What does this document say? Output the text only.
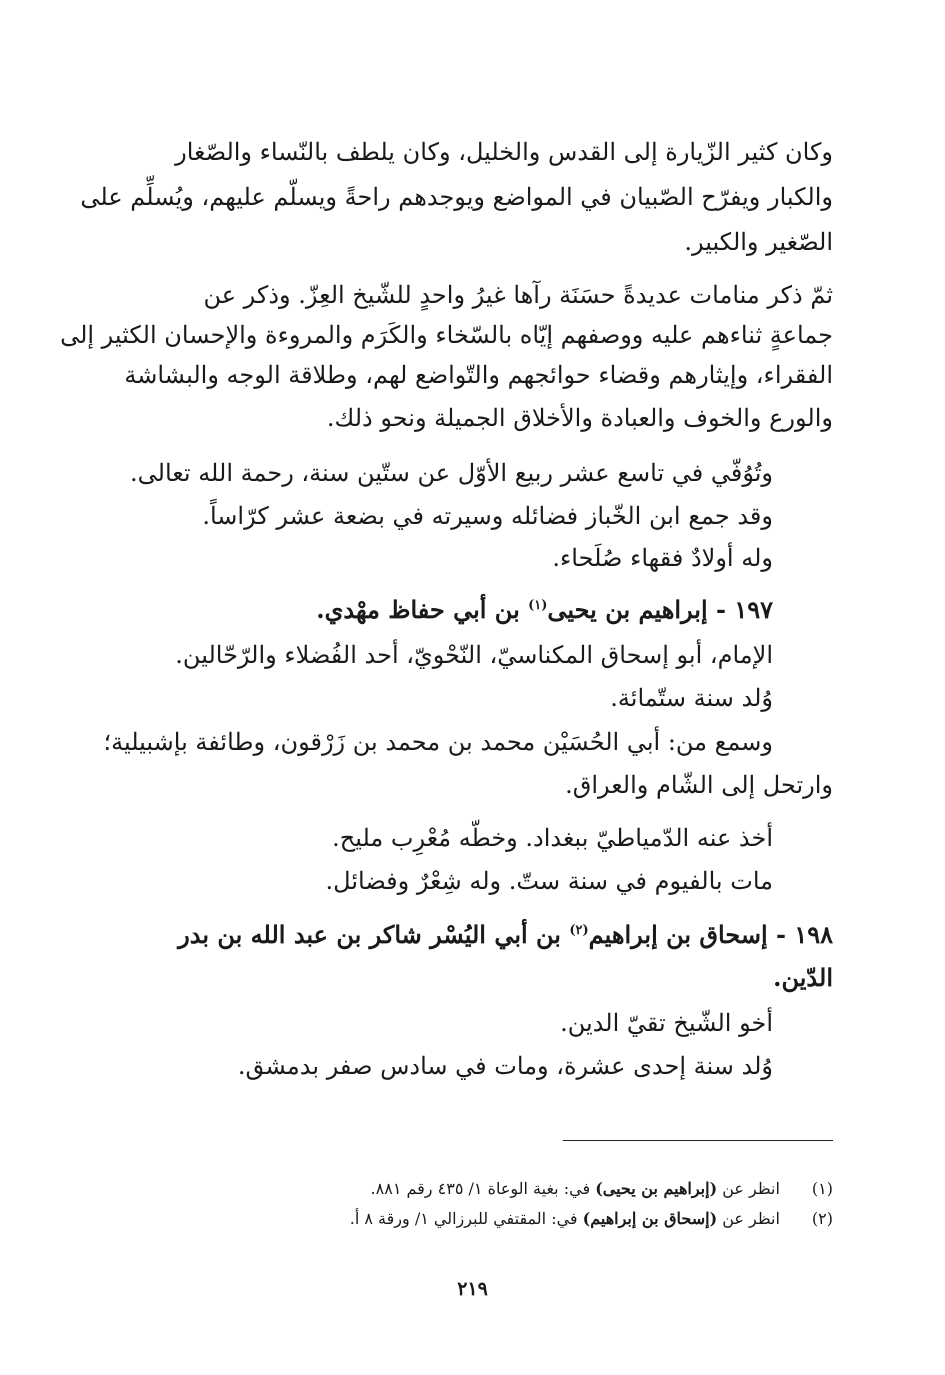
وكان كثير الزّيارة إلى القدس والخليل، وكان يلطف بالنّساء والصّغار
والكبار ويفرّح الصّبيان في المواضع ويوجدهم راحةً ويسلّم عليهم، ويُسلِّم على
الصّغير والكبير.
ثمّ ذكر منامات عديدةً حسَنَة رآها غيرُ واحدٍ للشّيخ العِزّ. وذكر عن
جماعةٍ ثناءهم عليه ووصفهم إيّاه بالسّخاء والكَرَم والمروءة والإحسان الكثير إلى
الفقراء، وإيثارهم وقضاء حوائجهم والتّواضع لهم، وطلاقة الوجه والبشاشة
والورع والخوف والعبادة والأخلاق الجميلة ونحو ذلك.
وتُوُفّي في تاسع عشر ربيع الأوّل عن ستّين سنة، رحمة الله تعالى.
وقد جمع ابن الخّباز فضائله وسيرته في بضعة عشر كرّاساً.
وله أولادٌ فقهاء صُلَحاء.
١٩٧ - إبراهيم بن يحيى$^{(١)}$ بن أبي حفاظ مهْدي.
الإمام، أبو إسحاق المكناسيّ، النّحْويّ، أحد الفُضلاء والرّحّالين.
وُلد سنة ستّمائة.
وسمع من: أبي الحُسَيْن محمد بن محمد بن زَرْقون، وطائفة بإشبيلية؛
وارتحل إلى الشّام والعراق.
أخذ عنه الدّمياطيّ ببغداد. وخطّه مُعْرِب مليح.
مات بالفيوم في سنة ستّ. وله شِعْرٌ وفضائل.
١٩٨ - إسحاق بن إبراهيم$^{(٢)}$ بن أبي اليُسْر شاكر بن عبد الله بن بدر
الدّين.
أخو الشّيخ تقيّ الدين.
وُلد سنة إحدى عشرة، ومات في سادس صفر بدمشق.
(١) انظر عن (إبراهيم بن يحيى) في: بغية الوعاة ١/ ٤٣٥ رقم ٨٨١.
(٢) انظر عن (إسحاق بن إبراهيم) في: المقتفي للبرزالي ١/ ورقة ٨ أ.
٢١٩
